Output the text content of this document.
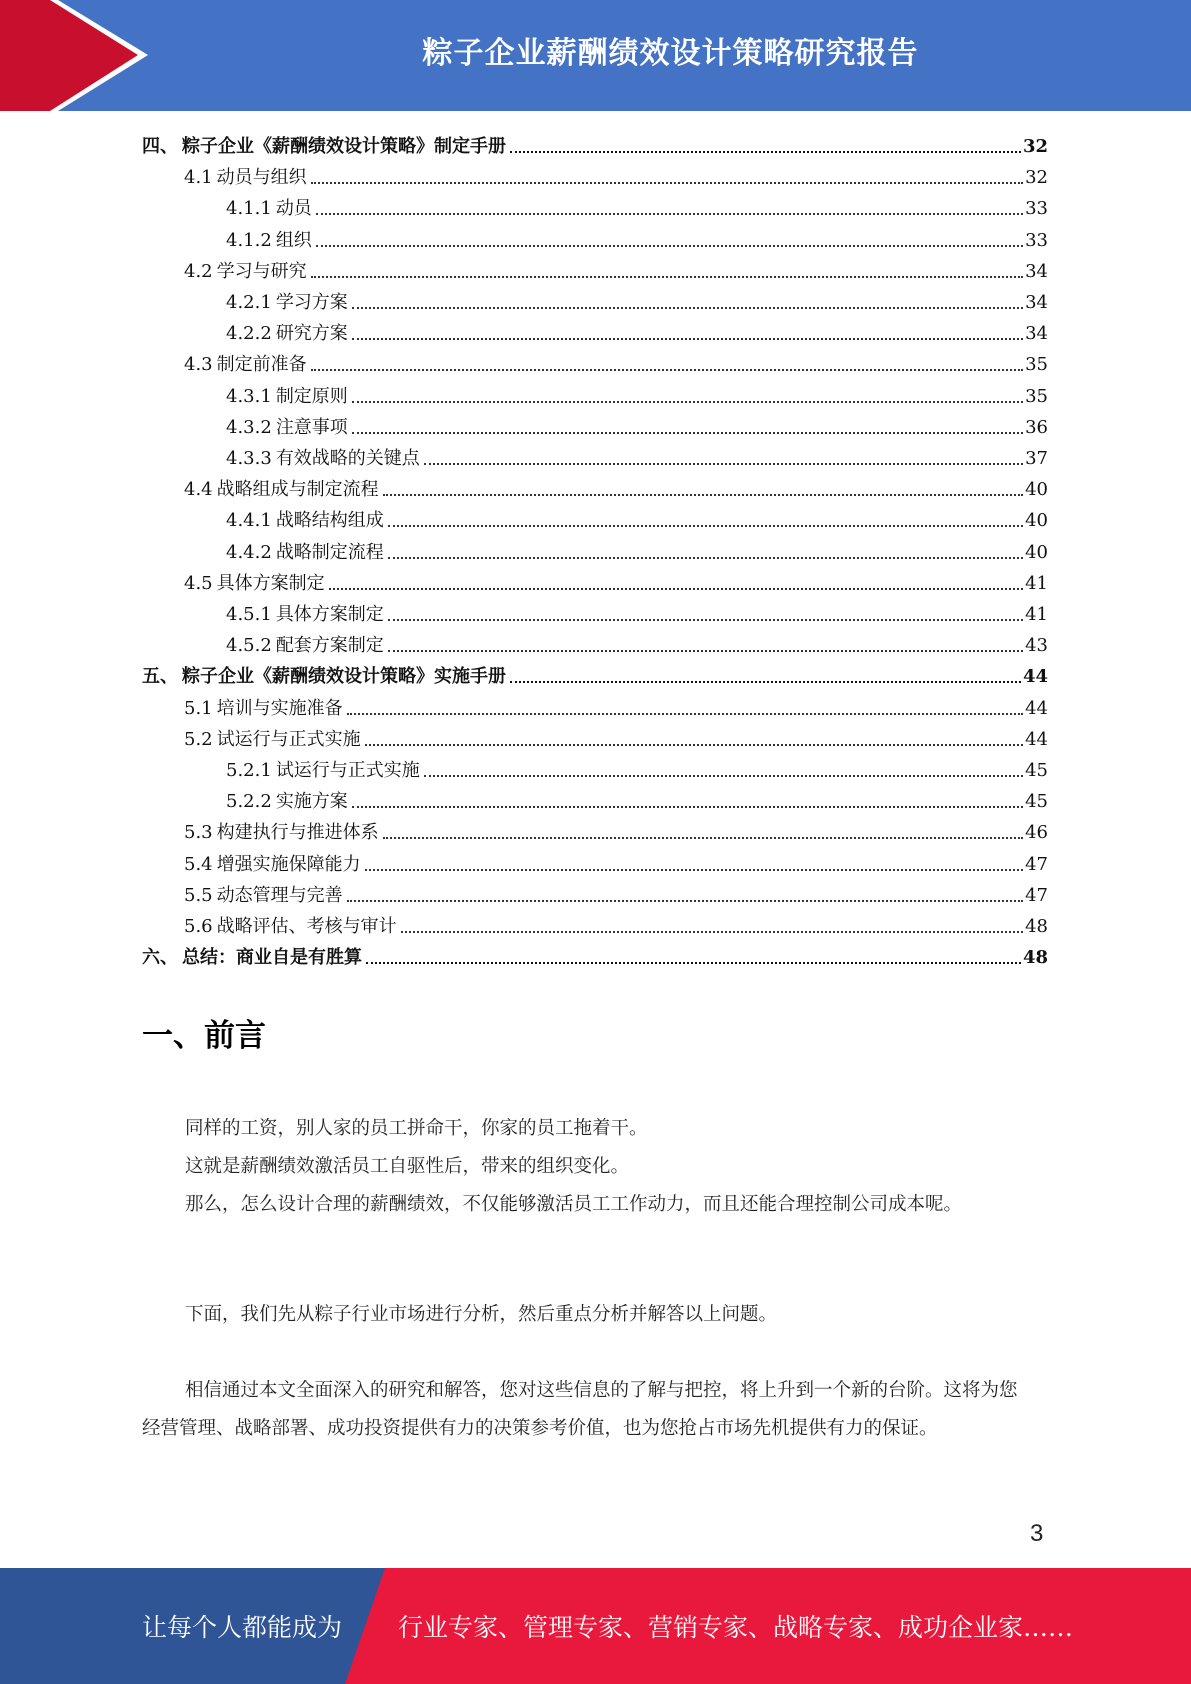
粽子企业薪酬绩效设计策略研究报告
四、 粽子企业《薪酬绩效设计策略》制定手册	32
4.1 动员与组织	32
4.1.1 动员	33
4.1.2 组织	33
4.2 学习与研究	34
4.2.1 学习方案	34
4.2.2 研究方案	34
4.3 制定前准备	35
4.3.1 制定原则	35
4.3.2 注意事项	36
4.3.3 有效战略的关键点	37
4.4 战略组成与制定流程	40
4.4.1 战略结构组成	40
4.4.2 战略制定流程	40
4.5 具体方案制定	41
4.5.1 具体方案制定	41
4.5.2 配套方案制定	43
五、 粽子企业《薪酬绩效设计策略》实施手册	44
5.1 培训与实施准备	44
5.2 试运行与正式实施	44
5.2.1 试运行与正式实施	45
5.2.2 实施方案	45
5.3 构建执行与推进体系	46
5.4 增强实施保障能力	47
5.5 动态管理与完善	47
5.6 战略评估、考核与审计	48
六、 总结：商业自是有胜算	48
一、前言

同样的工资，别人家的员工拼命干，你家的员工拖着干。

这就是薪酬绩效激活员工自驱性后，带来的组织变化。

那么，怎么设计合理的薪酬绩效，不仅能够激活员工工作动力，而且还能合理控制公司成本呢。

下面，我们先从粽子行业市场进行分析，然后重点分析并解答以上问题。

相信通过本文全面深入的研究和解答，您对这些信息的了解与把控，将上升到一个新的台阶。这将为您经营管理、战略部署、成功投资提供有力的决策参考价值，也为您抢占市场先机提供有力的保证。

3
让每个人都能成为 行业专家、管理专家、营销专家、战略专家、成功企业家……
